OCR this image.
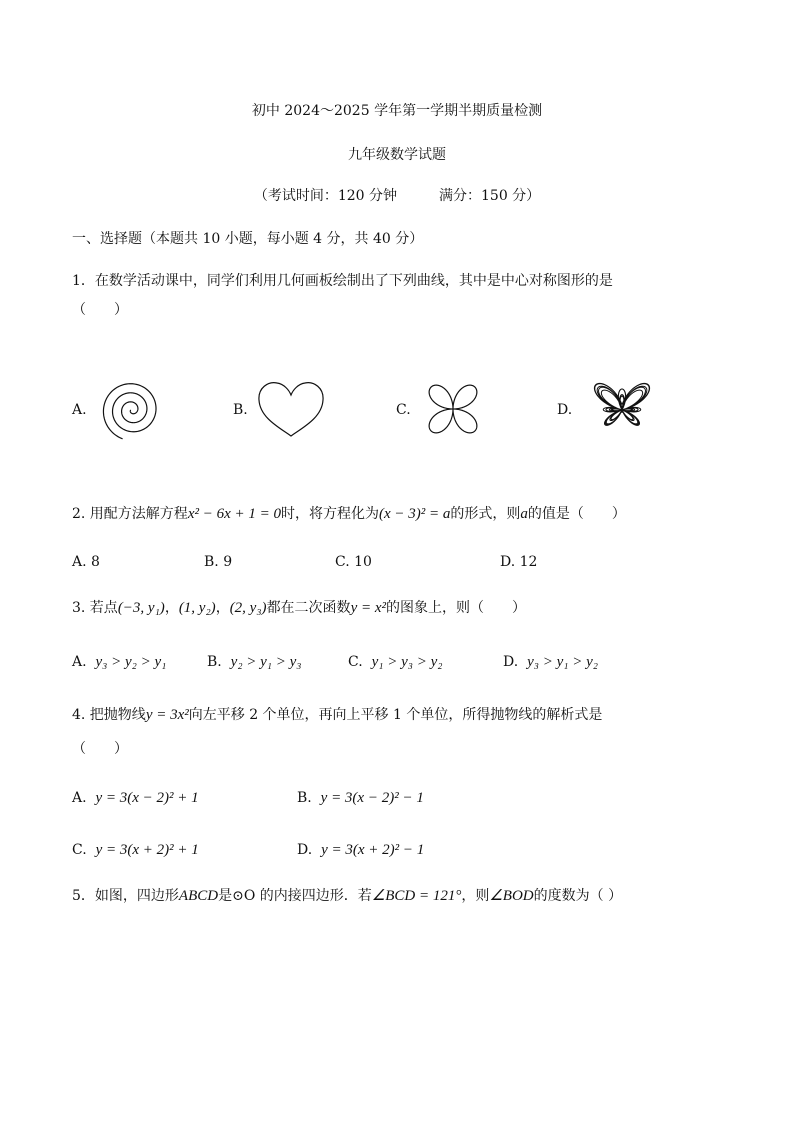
初中 2024～2025 学年第一学期半期质量检测
九年级数学试题
（考试时间：120 分钟　　　满分：150 分）
一、选择题（本题共 10 小题，每小题 4 分，共 40 分）
1．在数学活动课中，同学们利用几何画板绘制出了下列曲线，其中是中心对称图形的是
（　　）
A.	B.	C.	D.
2. 用配方法解方程x² − 6x + 1 = 0时，将方程化为(x − 3)² = a的形式，则a的值是（　　）
A. 8	B. 9	C. 10	D. 12
3. 若点(−3, y₁)，(1, y₂)，(2, y₃)都在二次函数y = x²的图象上，则（　　）
A. y₃ > y₂ > y₁	B. y₂ > y₁ > y₃	C. y₁ > y₃ > y₂	D. y₃ > y₁ > y₂
4. 把抛物线y = 3x²向左平移 2 个单位，再向上平移 1 个单位，所得抛物线的解析式是
（　　）
A. y = 3(x − 2)² + 1	B. y = 3(x − 2)² − 1
C. y = 3(x + 2)² + 1	D. y = 3(x + 2)² − 1
5．如图，四边形ABCD是⊙O 的内接四边形．若∠BCD = 121°，则∠BOD的度数为（ ）
